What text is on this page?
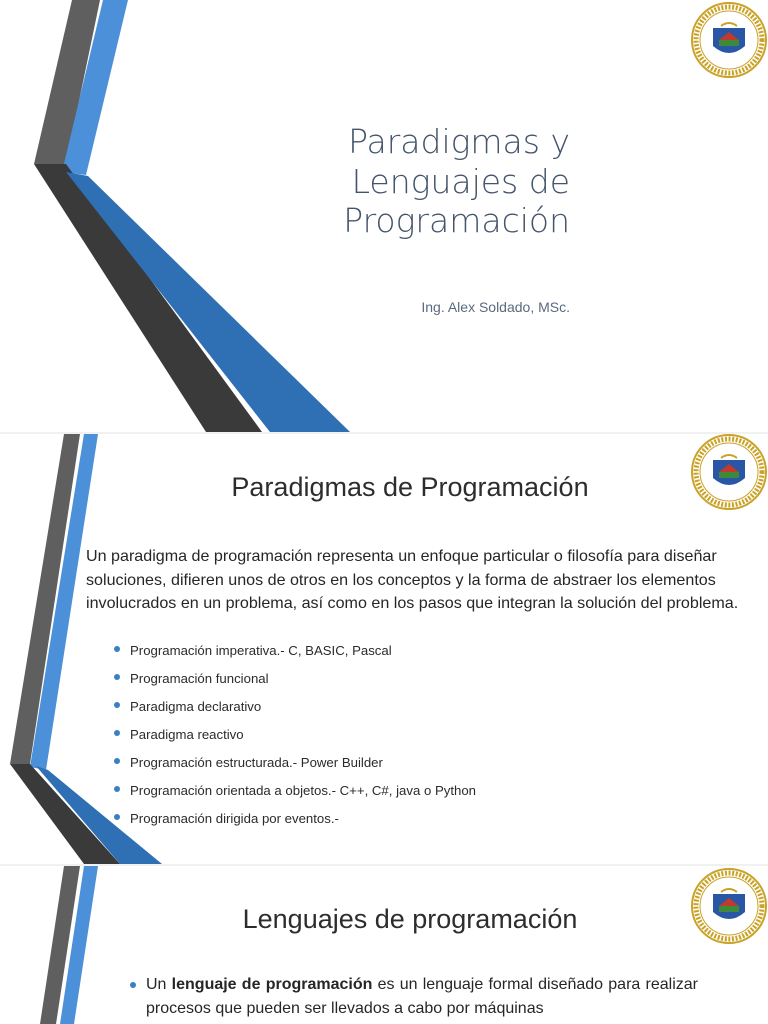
Paradigmas y
Lenguajes de
Programación
Ing. Alex Soldado, MSc.
Paradigmas de Programación

Un paradigma de programación representa un enfoque particular o filosofía para diseñar soluciones, difieren unos de otros en los conceptos y la forma de abstraer los elementos involucrados en un problema, así como en los pasos que integran la solución del problema.

Programación imperativa.- C, BASIC, Pascal
Programación funcional
Paradigma declarativo
Paradigma reactivo
Programación estructurada.- Power Builder
Programación orientada a objetos.- C++, C#, java o Python
Programación dirigida por eventos.-
Lenguajes de programación

Un lenguaje de programación es un lenguaje formal diseñado para realizar procesos que pueden ser llevados a cabo por máquinas
